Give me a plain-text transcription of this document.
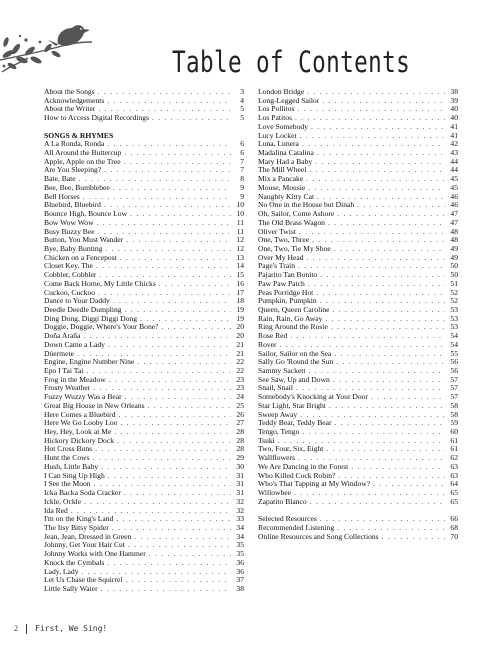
Table of Contents
About the Songs . . .	3
Acknowledgements . . .	4
About the Writer . . .	5
How to Access Digital Recordings . . .	5
SONGS & RHYMES
A La Ronda, Ronda . . .	6
All Around the Buttercup . . .	6
Apple, Apple on the Tree . . .	7
Are You Sleeping? . . .	7
Bate, Bate . . .	8
Bee, Bee, Bumblebee . . .	9
Bell Horses . . .	9
Bluebird, Bluebird . . .	10
Bounce High, Bounce Low . . .	10
Bow Wow Wow . . .	11
Busy Buzzy Bee . . .	11
Button, You Must Wander . . .	12
Bye, Baby Bunting . . .	12
Chicken on a Fencepost . . .	13
Closet Key, The . . .	14
Cobbler, Cobbler . . .	15
Come Back Home, My Little Chicks . . .	16
Cuckoo, Cuckoo . . .	17
Dance to Your Daddy . . .	18
Deedle Deedle Dumpling . . .	19
Ding Dong, Diggi Diggi Dong . . .	19
Doggie, Doggie, Where's Your Bone? . . .	20
Doña Araña . . .	20
Down Came a Lady . . .	21
Dúermete . . .	21
Engine, Engine Number Nine . . .	22
Epo I Tai Tai . . .	22
Frog in the Meadow . . .	23
Frosty Weather . . .	23
Fuzzy Wuzzy Was a Bear . . .	24
Great Big House in New Orleans . . .	25
Here Comes a Bluebird . . .	26
Here We Go Looby Loo . . .	27
Hey, Hey, Look at Me . . .	28
Hickory Dickory Dock . . .	28
Hot Cross Buns . . .	28
Hunt the Cows . . .	29
Hush, Little Baby . . .	30
I Can Sing Up High . . .	31
I See the Moon . . .	31
Icka Backa Soda Cracker . . .	31
Ickle, Ockle . . .	32
Ida Red . . .	32
I'm on the King's Land . . .	33
The Itsy Bitsy Spider . . .	34
Jean, Jean, Dressed in Green . . .	34
Johnny, Get Your Hair Cut . . .	35
Johnny Works with One Hammer . . .	35
Knock the Cymbals . . .	36
Lady, Lady . . .	36
Let Us Chase the Squirrel . . .	37
Little Sally Water . . .	38
London Bridge . . .	38
Long-Legged Sailor . . .	39
Los Pollitos . . .	40
Los Patitos . . .	40
Love Somebody . . .	41
Lucy Locket . . .	41
Luna, Lunera . . .	42
Madalina Catalina . . .	43
Mary Had a Baby . . .	44
The Mill Wheel . . .	44
Mix a Pancake . . .	45
Mouse, Mousie . . .	45
Naughty Kitty Cat . . .	46
No One in the House but Dinah . . .	46
Oh, Sailor, Come Ashore . . .	47
The Old Brass Wagon . . .	47
Oliver Twist . . .	48
One, Two, Three . . .	48
One, Two, Tie My Shoe . . .	49
Over My Head . . .	49
Page's Train . . .	50
Pajarito Tan Bonito . . .	50
Paw Paw Patch . . .	51
Peas Porridge Hot . . .	52
Pumpkin, Pumpkin . . .	52
Queen, Queen Caroline . . .	53
Rain, Rain, Go Away . . .	53
Ring Around the Rosie . . .	53
Rose Red . . .	54
Rover . . .	54
Sailor, Sailor on the Sea . . .	55
Sally Go 'Round the Sun . . .	56
Sammy Sackett . . .	56
See Saw, Up and Down . . .	57
Snail, Snail . . .	57
Somebody's Knocking at Your Door . . .	57
Star Light, Star Bright . . .	58
Sweep Away . . .	58
Teddy Bear, Teddy Bear . . .	59
Tengo, Tengo . . .	60
Tsuki . . .	61
Two, Four, Six, Eight . . .	61
Wallflowers . . .	62
We Are Dancing in the Forest . . .	63
Who Killed Cock Robin? . . .	63
Who's That Tapping at My Window? . . .	64
Willowbee . . .	65
Zapatito Blanco . . .	65
Selected Resources . . .	66
Recommended Listening . . .	68
Online Resources and Song Collections . . .	70
2 First, We Sing!
